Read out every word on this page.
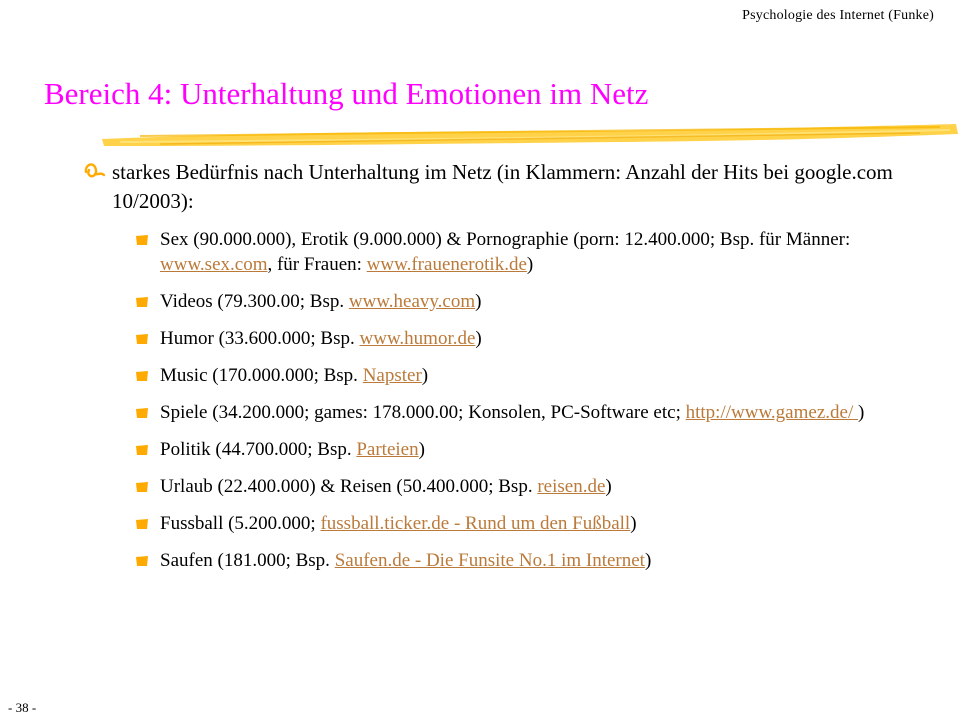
Psychologie des Internet (Funke)
Bereich 4: Unterhaltung und Emotionen im Netz
starkes Bedürfnis nach Unterhaltung im Netz (in Klammern: Anzahl der Hits bei google.com 10/2003):
Sex (90.000.000), Erotik (9.000.000) & Pornographie (porn: 12.400.000; Bsp. für Männer: www.sex.com, für Frauen: www.frauenerotik.de)
Videos (79.300.00; Bsp. www.heavy.com)
Humor (33.600.000; Bsp. www.humor.de)
Music (170.000.000; Bsp. Napster)
Spiele (34.200.000; games: 178.000.00; Konsolen, PC-Software etc; http://www.gamez.de/ )
Politik (44.700.000; Bsp. Parteien)
Urlaub (22.400.000) & Reisen (50.400.000; Bsp. reisen.de)
Fussball (5.200.000; fussball.ticker.de - Rund um den Fußball)
Saufen (181.000; Bsp. Saufen.de - Die Funsite No.1 im Internet)
- 38 -
